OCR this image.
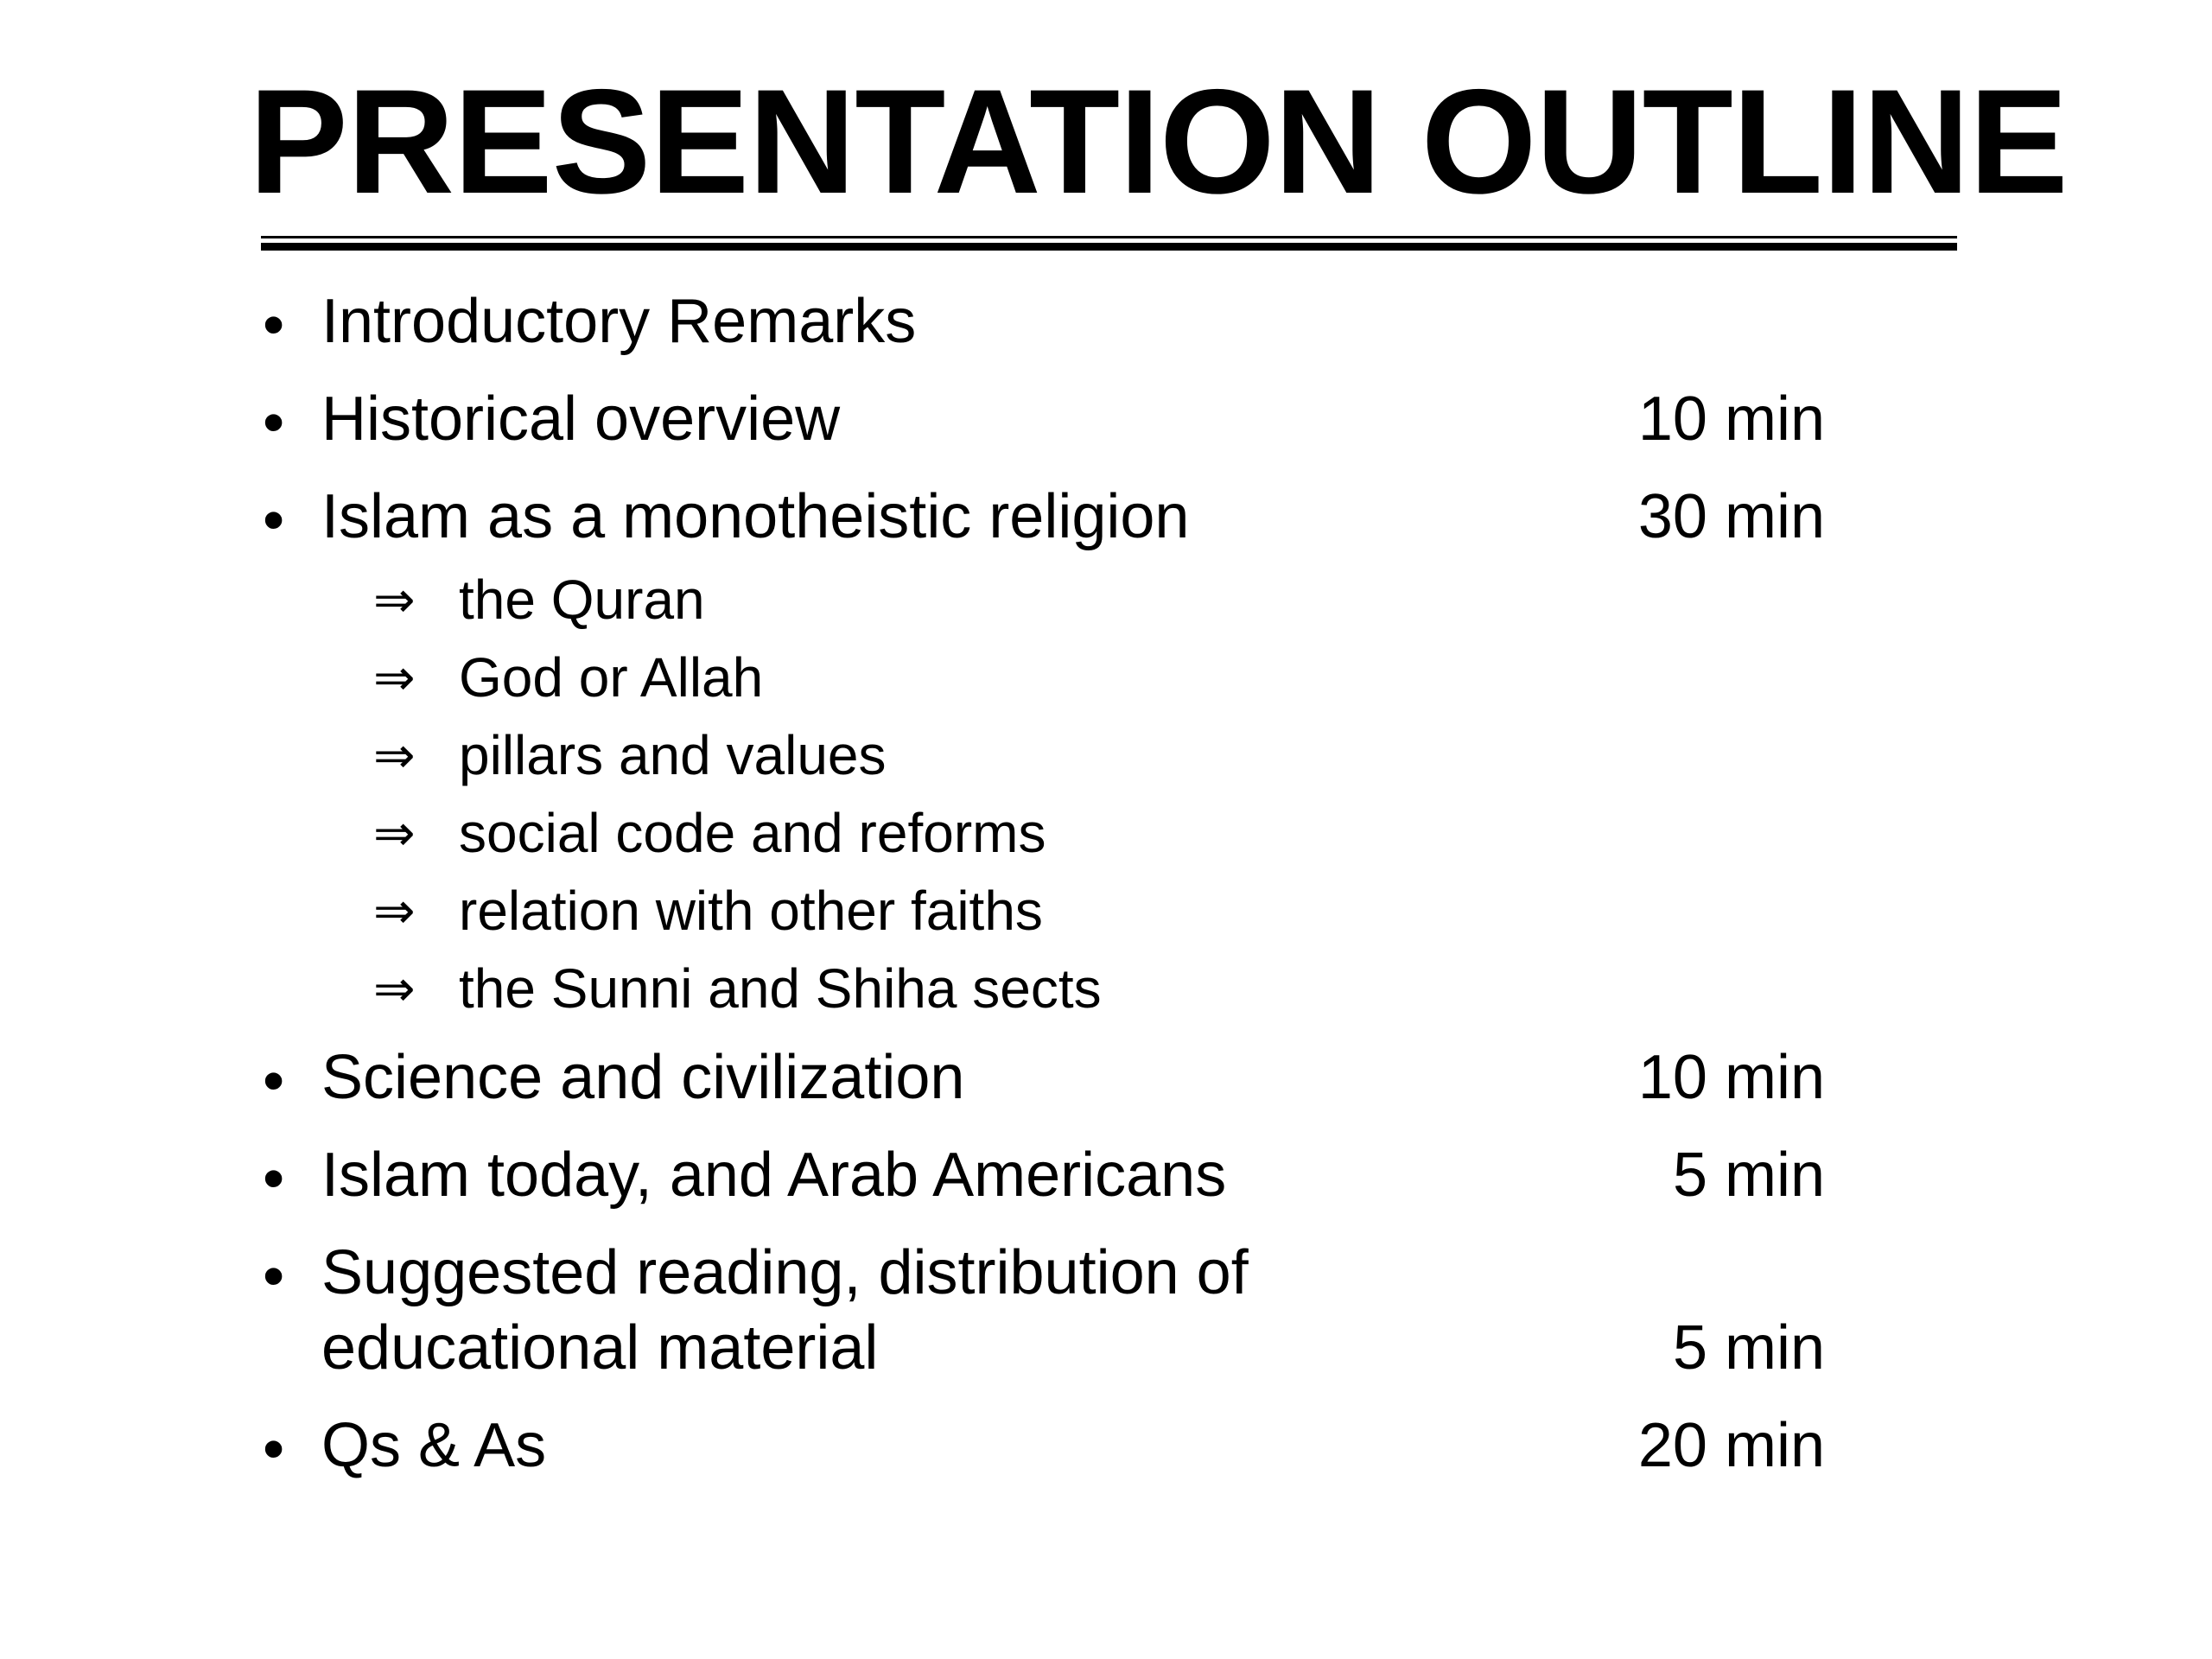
PRESENTATION OUTLINE
• Introductory Remarks
• Historical overview	10 min
• Islam as a monotheistic religion	30 min
⇒ the Quran
⇒ God or Allah
⇒ pillars and values
⇒ social code and reforms
⇒ relation with other faiths
⇒ the Sunni and Shiha sects
• Science and civilization	10 min
• Islam today, and Arab Americans	5 min
• Suggested reading, distribution of
educational material	5 min
• Qs & As	20 min
